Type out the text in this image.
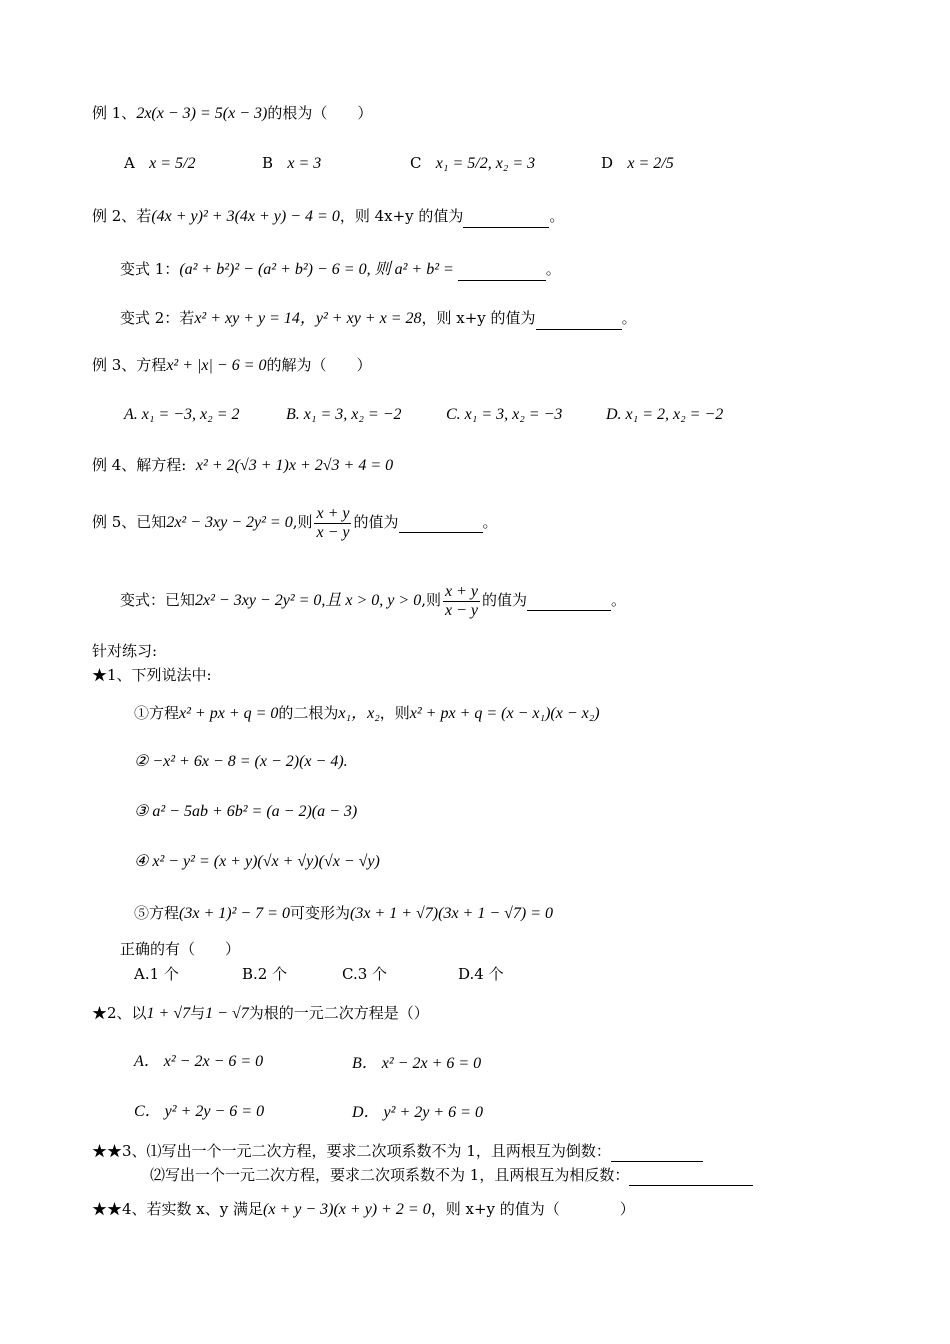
例 1、2x(x − 3) = 5(x − 3)的根为（　　）
A x = 5/2	B x = 3	C x₁ = 5/2, x₂ = 3	D x = 2/5
例 2、若(4x + y)² + 3(4x + y) − 4 = 0，则 4x+y 的值为	。
变式 1：(a² + b²)² − (a² + b²) − 6 = 0, 则 a² + b² =	。
变式 2：若x² + xy + y = 14，y² + xy + x = 28，则 x+y 的值为	。
例 3、方程x² + |x| − 6 = 0的解为（　　）
A. x₁ = −3, x₂ = 2	B. x₁ = 3, x₂ = −2	C. x₁ = 3, x₂ = −3	D. x₁ = 2, x₂ = −2
例 4、解方程: x² + 2(√3 + 1)x + 2√3 + 4 = 0
例 5、已知2x² − 3xy − 2y² = 0,则 $\frac{x + y}{x - y}$ 的值为	。
变式：已知2x² − 3xy − 2y² = 0,且 x > 0, y > 0,则 $\frac{x + y}{x - y}$ 的值为	。
针对练习:
★1、下列说法中:
①方程x² + px + q = 0的二根为x₁，x₂，则x² + px + q = (x − x₁)(x − x₂)
② −x² + 6x − 8 = (x − 2)(x − 4).
③ a² − 5ab + 6b² = (a − 2)(a − 3)
④ x² − y² = (x + y)(√x + √y)(√x − √y)
⑤方程(3x + 1)² − 7 = 0可变形为(3x + 1 + √7)(3x + 1 − √7) = 0
正确的有（　　）
A.1 个	B.2 个	C.3 个	D.4 个
★2、以1 + √7与1 − √7为根的一元二次方程是（）
A． x² − 2x − 6 = 0	B． x² − 2x + 6 = 0
C． y² + 2y − 6 = 0	D． y² + 2y + 6 = 0
★★3、⑴写出一个一元二次方程，要求二次项系数不为 1，且两根互为倒数：
⑵写出一个一元二次方程，要求二次项系数不为 1，且两根互为相反数：
★★4、若实数 x、y 满足(x + y − 3)(x + y) + 2 = 0，则 x+y 的值为（　　　　）
